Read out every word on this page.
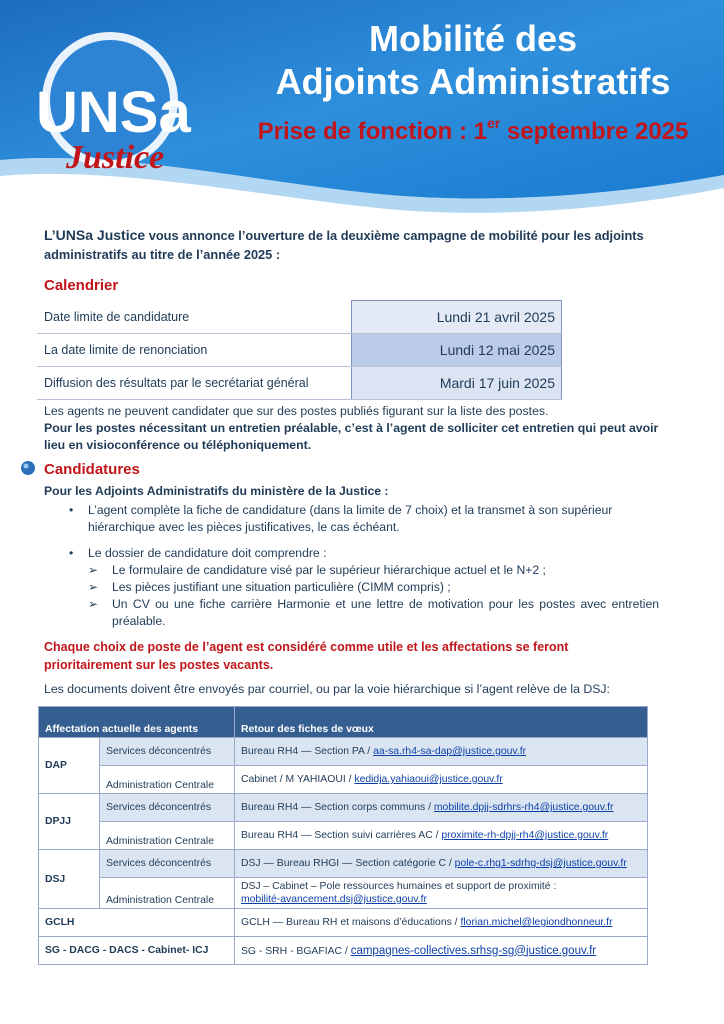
UNSa
Justice
Mobilité des
Adjoints Administratifs
Prise de fonction : 1er septembre 2025
L’UNSa Justice vous annonce l’ouverture de la deuxième campagne de mobilité pour les adjoints administratifs au titre de l’année 2025 :
Calendrier
Date limite de candidature	Lundi 21 avril 2025
La date limite de renonciation	Lundi 12 mai 2025
Diffusion des résultats par le secrétariat général	Mardi 17 juin 2025
Les agents ne peuvent candidater que sur des postes publiés figurant sur la liste des postes.
Pour les postes nécessitant un entretien préalable, c’est à l’agent de solliciter cet entretien qui peut avoir lieu en visioconférence ou téléphoniquement.
Candidatures
Pour les Adjoints Administratifs du ministère de la Justice :
• L’agent complète la fiche de candidature (dans la limite de 7 choix) et la transmet à son supérieur hiérarchique avec les pièces justificatives, le cas échéant.
• Le dossier de candidature doit comprendre :
➢ Le formulaire de candidature visé par le supérieur hiérarchique actuel et le N+2 ;
➢ Les pièces justifiant une situation particulière (CIMM compris) ;
➢ Un CV ou une fiche carrière Harmonie et une lettre de motivation pour les postes avec entretien préalable.
Chaque choix de poste de l’agent est considéré comme utile et les affectations se feront prioritairement sur les postes vacants.
Les documents doivent être envoyés par courriel, ou par la voie hiérarchique si l’agent relève de la DSJ:
Affectation actuelle des agents		Retour des fiches de vœux
DAP	Services déconcentrés	Bureau RH4 — Section PA / aa-sa.rh4-sa-dap@justice.gouv.fr
	Administration Centrale	Cabinet / M YAHIAOUI / kedidja.yahiaoui@justice.gouv.fr
DPJJ	Services déconcentrés	Bureau RH4 — Section corps communs / mobilite.dpjj-sdrhrs-rh4@justice.gouv.fr
	Administration Centrale	Bureau RH4 — Section suivi carrières AC / proximite-rh-dpjj-rh4@justice.gouv.fr
DSJ	Services déconcentrés	DSJ — Bureau RHGI — Section catégorie C / pole-c.rhg1-sdrhg-dsj@justice.gouv.fr
	Administration Centrale	DSJ – Cabinet – Pole ressources humaines et support de proximité :
mobilité-avancement.dsj@justice.gouv.fr
GCLH		GCLH — Bureau RH et maisons d’éducations / florian.michel@legiondhonneur.fr
SG - DACG - DACS - Cabinet- ICJ		SG - SRH - BGAFIAC / campagnes-collectives.srhsg-sg@justice.gouv.fr
